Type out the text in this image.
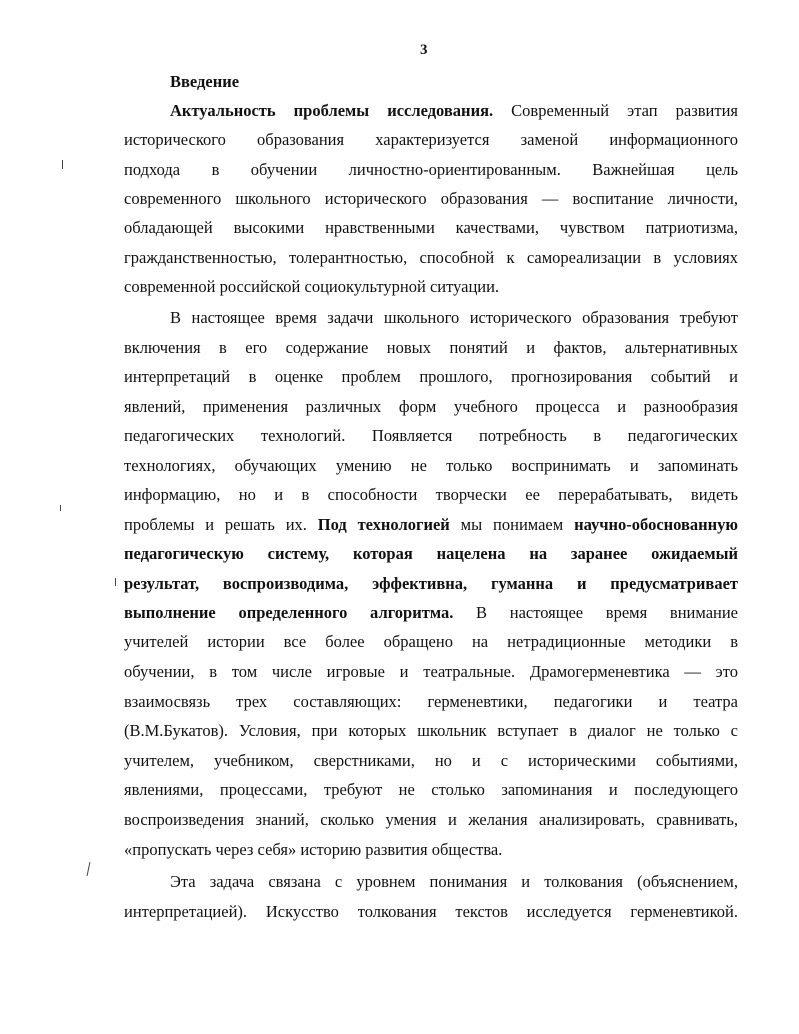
3
Введение
Актуальность проблемы исследования. Современный этап развития
исторического образования характеризуется заменой информационного
подхода в обучении личностно-ориентированным. Важнейшая цель
современного школьного исторического образования — воспитание личности,
обладающей высокими нравственными качествами, чувством патриотизма,
гражданственностью, толерантностью, способной к самореализации в условиях
современной российской социокультурной ситуации.
В настоящее время задачи школьного исторического образования требуют
включения в его содержание новых понятий и фактов, альтернативных
интерпретаций в оценке проблем прошлого, прогнозирования событий и
явлений, применения различных форм учебного процесса и разнообразия
педагогических технологий. Появляется потребность в педагогических
технологиях, обучающих умению не только воспринимать и запоминать
информацию, но и в способности творчески ее перерабатывать, видеть
проблемы и решать их. Под технологией мы понимаем научно-обоснованную
педагогическую систему, которая нацелена на заранее ожидаемый
результат, воспроизводима, эффективна, гуманна и предусматривает
выполнение определенного алгоритма. В настоящее время внимание
учителей истории все более обращено на нетрадиционные методики в
обучении, в том числе игровые и театральные. Драмогерменевтика — это
взаимосвязь трех составляющих: герменевтики, педагогики и театра
(В.М.Букатов). Условия, при которых школьник вступает в диалог не только с
учителем, учебником, сверстниками, но и с историческими событиями,
явлениями, процессами, требуют не столько запоминания и последующего
воспроизведения знаний, сколько умения и желания анализировать, сравнивать,
«пропускать через себя» историю развития общества.
Эта задача связана с уровнем понимания и толкования (объяснением,
интерпретацией). Искусство толкования текстов исследуется герменевтикой.
